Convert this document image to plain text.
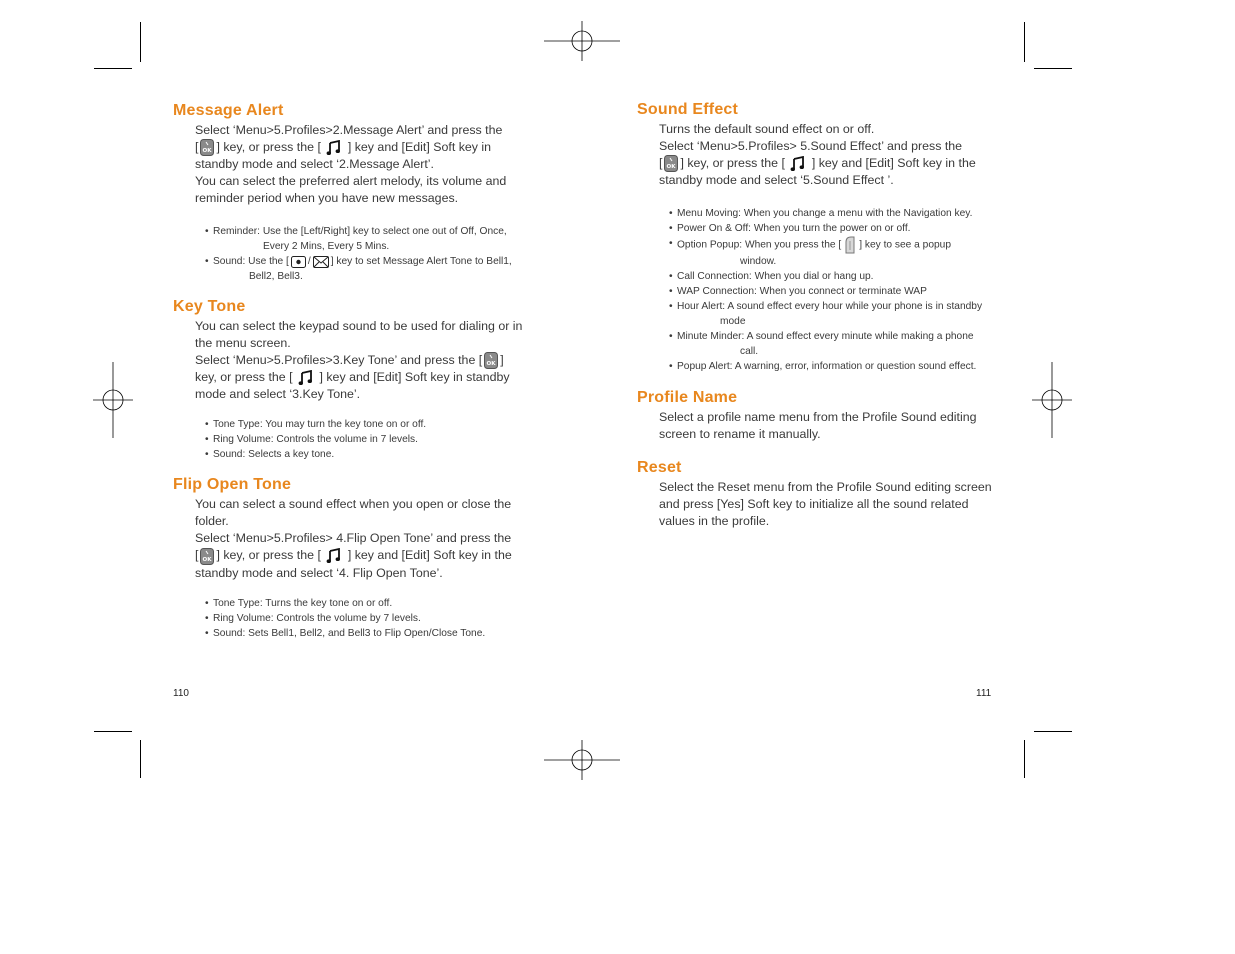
Message Alert

Select ‘Menu>5.Profiles>2.Message Alert’ and press the

[ OK ] key, or press the [ ] key and [Edit] Soft key in

standby mode and select ‘2.Message Alert’.

You can select the preferred alert melody, its volume and

reminder period when you have new messages.

• Reminder: Use the [Left/Right] key to select one out of Off, Once,
Every 2 Mins, Every 5 Mins.
• Sound: Use the [ / ] key to set Message Alert Tone to Bell1,
Bell2, Bell3.
Key Tone

You can select the keypad sound to be used for dialing or in

the menu screen.

Select ‘Menu>5.Profiles>3.Key Tone’ and press the [ OK ]

key, or press the [ ] key and [Edit] Soft key in standby

mode and select ‘3.Key Tone’.

• Tone Type: You may turn the key tone on or off.
• Ring Volume: Controls the volume in 7 levels.
• Sound: Selects a key tone.
Flip Open Tone

You can select a sound effect when you open or close the

folder.

Select ‘Menu>5.Profiles> 4.Flip Open Tone’ and press the

[ OK ] key, or press the [ ] key and [Edit] Soft key in the

standby mode and select ‘4. Flip Open Tone’.

• Tone Type: Turns the key tone on or off.
• Ring Volume: Controls the volume by 7 levels.
• Sound: Sets Bell1, Bell2, and Bell3 to Flip Open/Close Tone.
110
Sound Effect

Turns the default sound effect on or off.

Select ‘Menu>5.Profiles> 5.Sound Effect’ and press the

[ OK ] key, or press the [ ] key and [Edit] Soft key in the

standby mode and select ‘5.Sound Effect ’.

• Menu Moving: When you change a menu with the Navigation key.
• Power On & Off: When you turn the power on or off.
• Option Popup: When you press the [ ] key to see a popup
window.
• Call Connection: When you dial or hang up.
• WAP Connection: When you connect or terminate WAP
• Hour Alert: A sound effect every hour while your phone is in standby
mode
• Minute Minder: A sound effect every minute while making a phone
call.
• Popup Alert: A warning, error, information or question sound effect.
Profile Name

Select a profile name menu from the Profile Sound editing

screen to rename it manually.

Reset

Select the Reset menu from the Profile Sound editing screen

and press [Yes] Soft key to initialize all the sound related

values in the profile.

111
